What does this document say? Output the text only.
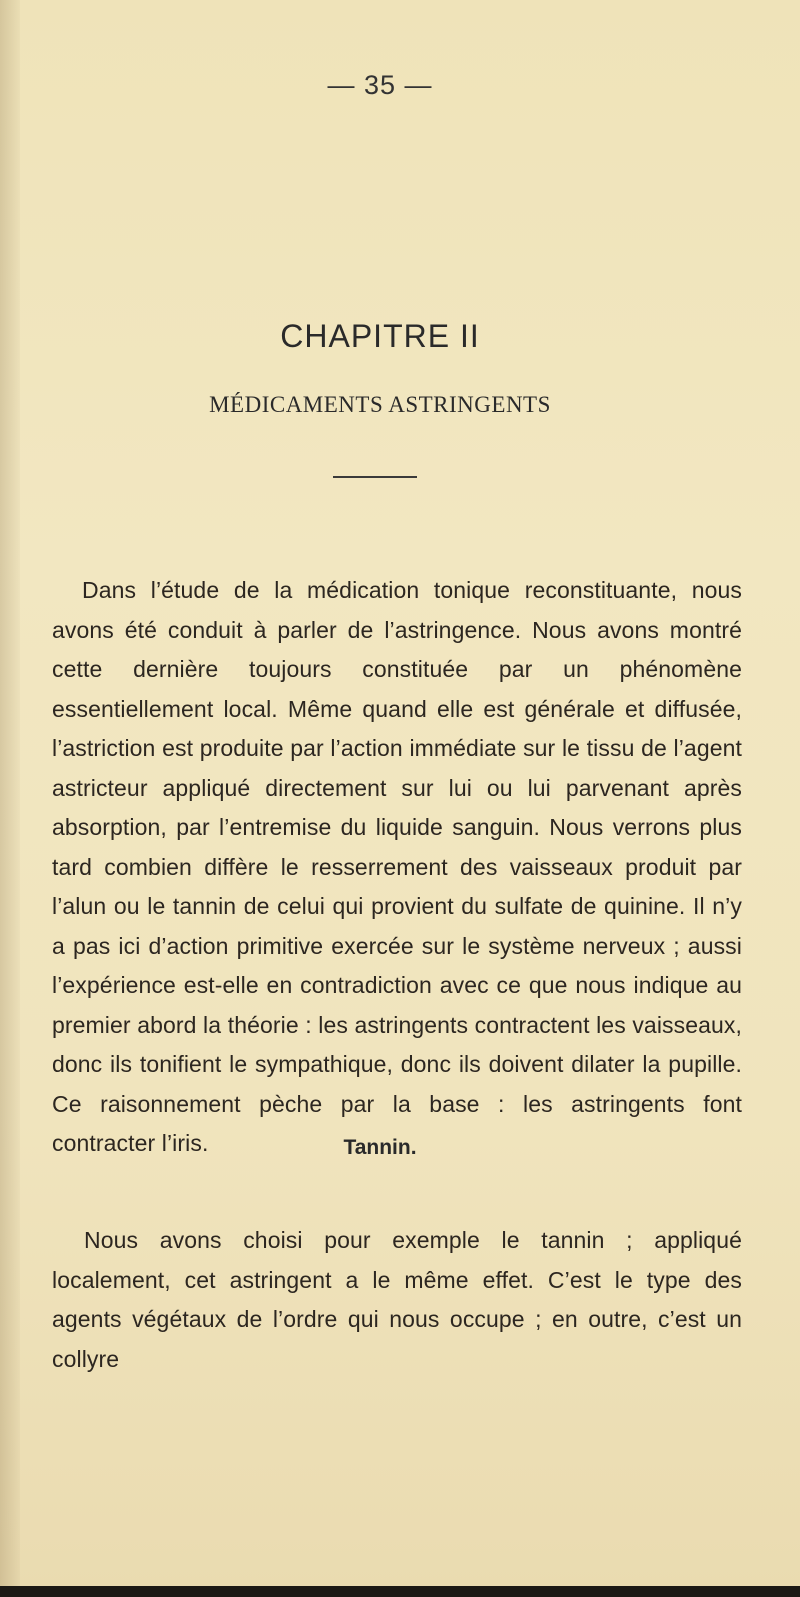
— 35 —
CHAPITRE II
MÉDICAMENTS ASTRINGENTS

Dans l’étude de la médication tonique reconstituante, nous avons été conduit à parler de l’astringence. Nous avons montré cette dernière toujours constituée par un phénomène essentiellement local. Même quand elle est générale et diffusée, l’astriction est produite par l’action immédiate sur le tissu de l’agent astricteur appliqué directement sur lui ou lui parvenant après absorption, par l’entremise du liquide sanguin. Nous verrons plus tard combien diffère le resserrement des vaisseaux produit par l’alun ou le tannin de celui qui provient du sulfate de quinine. Il n’y a pas ici d’action primitive exercée sur le système nerveux ; aussi l’expérience est-elle en contradiction avec ce que nous indique au premier abord la théorie : les astringents contractent les vaisseaux, donc ils tonifient le sympathique, donc ils doivent dilater la pupille. Ce raisonnement pèche par la base : les astringents font contracter l’iris.	Tannin.

Nous avons choisi pour exemple le tannin ; appliqué localement, cet astringent a le même effet. C’est le type des agents végétaux de l’ordre qui nous occupe ; en outre, c’est un collyre
